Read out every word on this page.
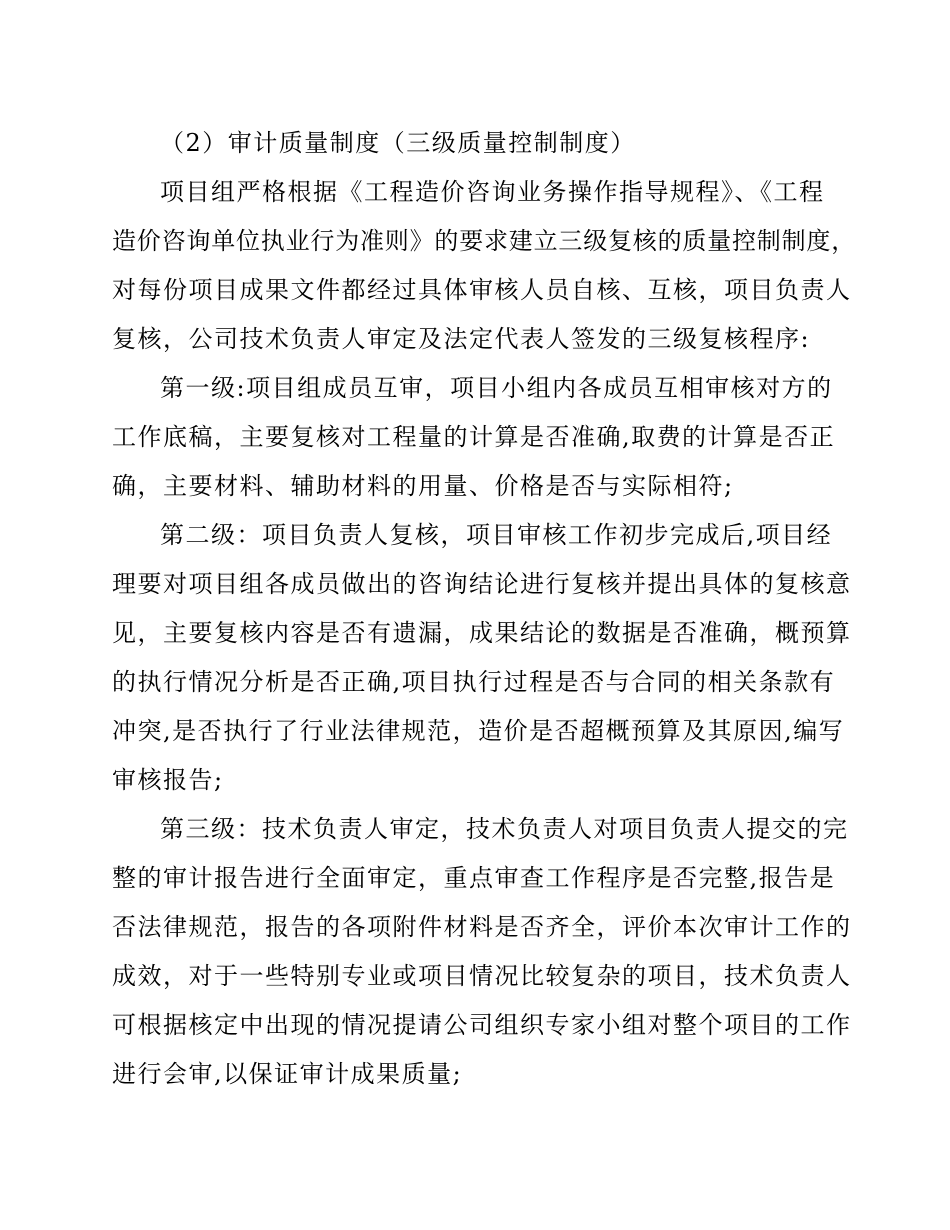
（2）审计质量制度（三级质量控制制度）
项目组严格根据《工程造价咨询业务操作指导规程》、《工程
造价咨询单位执业行为准则》的要求建立三级复核的质量控制制度，
对每份项目成果文件都经过具体审核人员自核、互核，项目负责人
复核，公司技术负责人审定及法定代表人签发的三级复核程序:
第一级:项目组成员互审，项目小组内各成员互相审核对方的
工作底稿，主要复核对工程量的计算是否准确,取费的计算是否正
确，主要材料、辅助材料的用量、价格是否与实际相符;
第二级：项目负责人复核，项目审核工作初步完成后,项目经
理要对项目组各成员做出的咨询结论进行复核并提出具体的复核意
见，主要复核内容是否有遗漏，成果结论的数据是否准确，概预算
的执行情况分析是否正确,项目执行过程是否与合同的相关条款有
冲突,是否执行了行业法律规范，造价是否超概预算及其原因,编写
审核报告;
第三级：技术负责人审定，技术负责人对项目负责人提交的完
整的审计报告进行全面审定，重点审查工作程序是否完整,报告是
否法律规范，报告的各项附件材料是否齐全，评价本次审计工作的
成效，对于一些特别专业或项目情况比较复杂的项目，技术负责人
可根据核定中出现的情况提请公司组织专家小组对整个项目的工作
进行会审,以保证审计成果质量;
